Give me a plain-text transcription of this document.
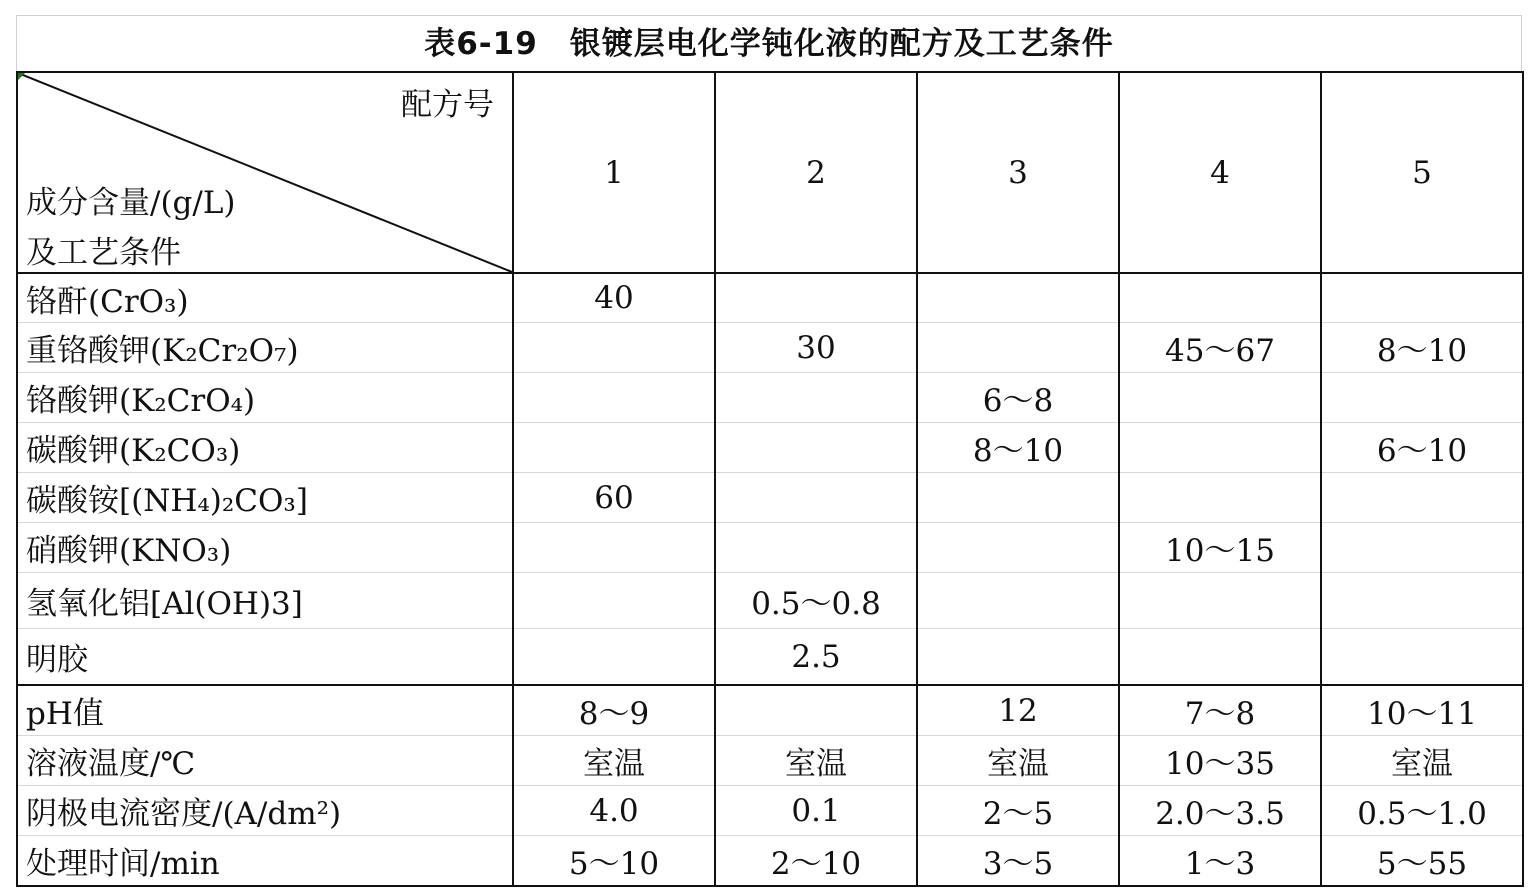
表6-19　银镀层电化学钝化液的配方及工艺条件
配方号
成分含量/(g/L)
及工艺条件	1	2	3	4	5
铬酐(CrO₃)	40				
重铬酸钾(K₂Cr₂O₇)		30		45～67	8～10
铬酸钾(K₂CrO₄)			6～8		
碳酸钾(K₂CO₃)			8～10		6～10
碳酸铵[(NH₄)₂CO₃]	60				
硝酸钾(KNO₃)				10～15	
氢氧化铝[Al(OH)3]		0.5～0.8			
明胶		2.5			
pH值	8～9		12	7～8	10～11
溶液温度/℃	室温	室温	室温	10～35	室温
阴极电流密度/(A/dm²)	4.0	0.1	2～5	2.0～3.5	0.5～1.0
处理时间/min	5～10	2～10	3～5	1～3	5～55
